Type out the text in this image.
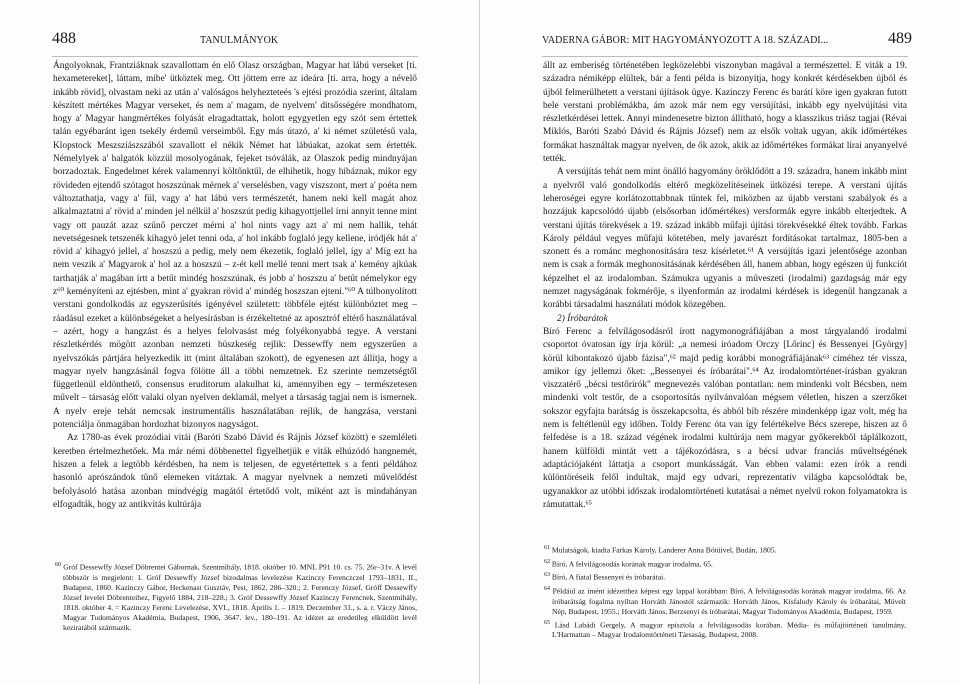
488	TANULMÁNYOK

Ángolyoknak, Frantziáknak szavallottam én elő Olasz országban, Magyar hat lábú verseket [ti. hexametereket], láttam, mibe' ütköztek meg. Ott jöttem erre az ideára [ti. arra, hogy a névelő inkább rövid], olvastam neki az után a' valóságos helyhezteteés 's ejtési prozódia szerint, általam készített mértékes Magyar verseket, és nem a' magam, de nyelvem' ditsősségére mondhatom, hogy a' Magyar hangmértékes folyását elragadtattak, holott egygyetlen egy szót sem értettek talán egyébaránt igen tsekély érdemű verseimből. Egy más útazó, a' ki német születésű vala, Klopstock Meszsziászszából szavallott el nékik Német hat lábúakat, azokat sem értették. Némelylyek a' halgatók közzül mosolyogának, fejeket tsóválák, az Olaszok pedig mindnyájan borzadoztak. Engedelmet kérek valamennyi költőnktűl, de elhihetik, hogy hibáznak, mikor egy rövideden ejtendő szótagot hoszszúnak mérnek a' verselésben, vagy viszszont, mert a' poéta nem változtathatja, vagy a' fül, vagy a' hat lábú vers természetét, hanem neki kell magát ahoz alkalmaztatni a' rövid a' minden jel nélkül a' hoszszút pedig kihagyottjellel írni annyit tenne mint vagy ott pauzát azaz szűnő perczet mérni a' hol nints vagy azt a' mi nem hallik, tehát nevetségesnek tetszenék kihagyó jelet tenni oda, a' hol inkább foglaló jegy kellene, iródjék hát a' rövid a' kihagyó jellel, a' hoszszú a pedig, mely nem ékezetik, foglaló jellel, így a' Míg ezt ha nem veszik a' Magyarok a' hol az a hoszszú – z-ét kell mellé tenni mert tsak a' kemény ajkúak tarthatják a' magában írtt a betűt mindég hoszszúnak, és jobb a' hoszszu a' betűt némelykor egy z⁶⁰ keményíteni az ejtésben, mint a' gyakran rövid a' mindég hoszszan ejteni."⁶⁰ A túlbonyolított verstani gondolkodás az egyszerűsítés igényével született: többféle ejtést különböztet meg – ráadásul ezeket a különbségeket a helyesírásban is érzékeltetné az aposztróf eltérő használatával – azért, hogy a hangzást és a helyes felolvasást még folyékonyabbá tegye. A verstani részletkérdés mögött azonban nemzeti büszkeség rejlik: Dessewffy nem egyszerűen a nyelvszókás pártjára helyezkedik itt (mint általában szokott), de egyenesen azt állítja, hogy a magyar nyelv hangzásánál fogva fölötte áll a többi nemzetnek. Ez szerinte nemzetségtől függetlenül eldönthető, consensus eruditorum alakulhat ki, amennyiben egy – természetesen művelt – társaság előtt valaki olyan nyelven deklamál, melyet a társaság tagjai nem is ismernek. A nyelv ereje tehát nemcsak instrumentális használatában rejlik, de hangzása, verstani potenciálja önmagában hordozhat bizonyos nagyságot.

Az 1780-as évek prozódiai vitái (Baróti Szabó Dávid és Rájnis József között) e szemléleti keretben értelmezhetőek. Ma már némi döbbenettel figyelhetjük e viták elhúzódó hangnemét, hiszen a felek a legtöbb kérdésben, ha nem is teljesen, de egyetértettek s a fenti példához hasonló aprószándok tűnő elemeken vitáztak. A magyar nyelvnek a nemzeti művelődést befolyásoló hatása azonban mindvégig magától értetődő volt, miként azt is mindahányan elfogadták, hogy az antikvitás kultúrája

$^{60}$ Gróf Dessewffy József Döbrentei Gábornak, Szentmihály, 1818. október 10. MNL P91 10. cs. 75. 26r–31v. A levél többször is megjelent: 1. Gróf Dessewffy József bizodalmas levelezése Kazinczy Ferenczczel 1793–1831, II., Budapest, 1860. Kazinczy Gábor, Heckenast Gusztáv, Pest, 1862, 286–320.; 2. Ferenczy József, Gróff Dessewffy József levelei Döbrenteihez, Figyelő 1884, 218–228.; 3. Gróf Dessewffy József Kazinczy Ferencnek, Szentmihály, 1818. október 4. = Kazinczy Ferenc Levelezése, XVI., 1818. Április 1. – 1819. Deczember 31., s. a. r. Váczy János, Magyar Tudományos Akadémia, Budapest, 1906, 3647. lev., 180–191. Az idézet az eredetileg elküldött levél keziratából származik.

VADERNA GÁBOR: MIT HAGYOMÁNYOZOTT A 18. SZÁZADI...	489

állt az emberiség történetében legközelebbi viszonyban magával a természettel. E viták a 19. századra némiképp elültek, bár a fenti példa is bizonyítja, hogy konkrét kérdésekben újból és újból felmerülhetett a verstani újítások ügye. Kazinczy Ferenc és barátí köre igen gyakran futott bele verstani problémákba, ám azok már nem egy versújítási, inkább egy nyelvújítási vita részletkérdései lettek. Annyi mindenesetre bizton állítható, hogy a klasszikus triász tagjai (Révai Miklós, Baróti Szabó Dávid és Rájnis József) nem az elsők voltak ugyan, akik időmértékes formákat használtak magyar nyelven, de ők azok, akik az időmértékes formákat lírai anyanyelvé tették.

A versújítás tehát nem mint önálló hagyomány öröklődött a 19. századra, hanem inkább mint a nyelvről való gondolkodás eltérő megközelítéseinek ütközési terepe. A verstani újítás leheroségei egyre korlátozottabbnak tűntek fel, miközben az újabb verstani szabályok és a hozzájuk kapcsolódó újabb (elsősorban időmértékes) versformák egyre inkább elterjedtek. A verstani újítás törekvések a 19. század inkább műfaji újítási törekvésekké éltek tovább. Farkas Károly például vegyes műfajú kötetében, mely javarészt fordításokat tartalmaz, 1805-ben a szonett és a románc meghonosítására tesz kísérletet.⁶¹ A versújítás igazi jelentősége azonban nem is csak a formák meghonosításának kérdésében áll, hanem abban, hogy egészen új funkciót képzelhet el az irodalomban. Számukra ugyanis a műveszeti (irodalmi) gazdagság már egy nemzet nagyságának fokmérője, s ilyenformán az irodalmi kérdések is idegenül hangzanak a korábbi társadalmi használati módok közegében.

2) Íróbarátok

Bíró Ferenc a felvilágosodásról írott nagymonográfiájában a most tárgyalandó irodalmi csoportot óvatosan így írja körül: „a nemesi íróadom Orczy [Lőrinc] és Bessenyei [György] körül kibontakozó újabb fázisa",⁶² majd pedig korábbi monográfiájának⁶³ címéhez tér vissza, amikor így jellemzi őket: „Bessenyei és íróbarátai".⁶⁴ Az irodalomtörténet-írásban gyakran viszzatérő „bécsi testőrírók" megnevezés valóban pontatlan: nem mindenki volt Bécsben, nem mindenki volt testőr, de a csoportosítás nyilvánvalóan mégsem véletlen, hiszen a szerzőket sokszor egyfajta barátság is összekapcsolta, és abból bib részére mindenképp igaz volt, még ha nem is feltétlenül egy időben. Toldy Ferenc óta van így felértékelve Bécs szerepe, hiszen az ő felfedése is a 18. század végének irodalmi kultúrája nem magyar győkerekből táplálkozott, hanem külföldi mintát vett a tájékozódásra, s a bécsi udvar franciás műveltségének adaptációjaként láttatja a csoport munkásságát. Van ebben valami: ezen írók a rendi különtöréseik felől indultak, majd egy udvari, reprezentatív világba kapcsolódtak be, ugyanakkor az utóbbi időszak irodalomtörténeti kutatásai a német nyelvű rokon folyamatokra is rámutattak.⁶⁵

$^{61}$ Mulatságok, kiadta Farkas Károly, Landerer Anna Bötüivel, Budán, 1805.

$^{62}$ Bíró, A felvilágosodás korának magyar irodalma, 65.

$^{63}$ Bíró, A fiatal Bessenyei és íróbarátai.

$^{64}$ Például az imént idézetthez képest egy lappal korábban: Bíró, A felvilágosodás korának magyar irodalma, 66. Az íróbarátság fogalma nyíltan Horváth Jánostól származik: Horváth János, Kisfaludy Károly és íróbarátai, Müvelt Nép, Budapest, 1955.; Horváth János, Berzsenyi és íróbarátai, Magyar Tudományos Akadémia, Budapest, 1959.

$^{65}$ Lásd Labádi Gergely, A magyar episztola a felvilágosodás korában. Média- és műfajtörténeti tanulmány, L'Harmattan – Magyar Irodalomtörténeti Társaság, Budapest, 2008.
